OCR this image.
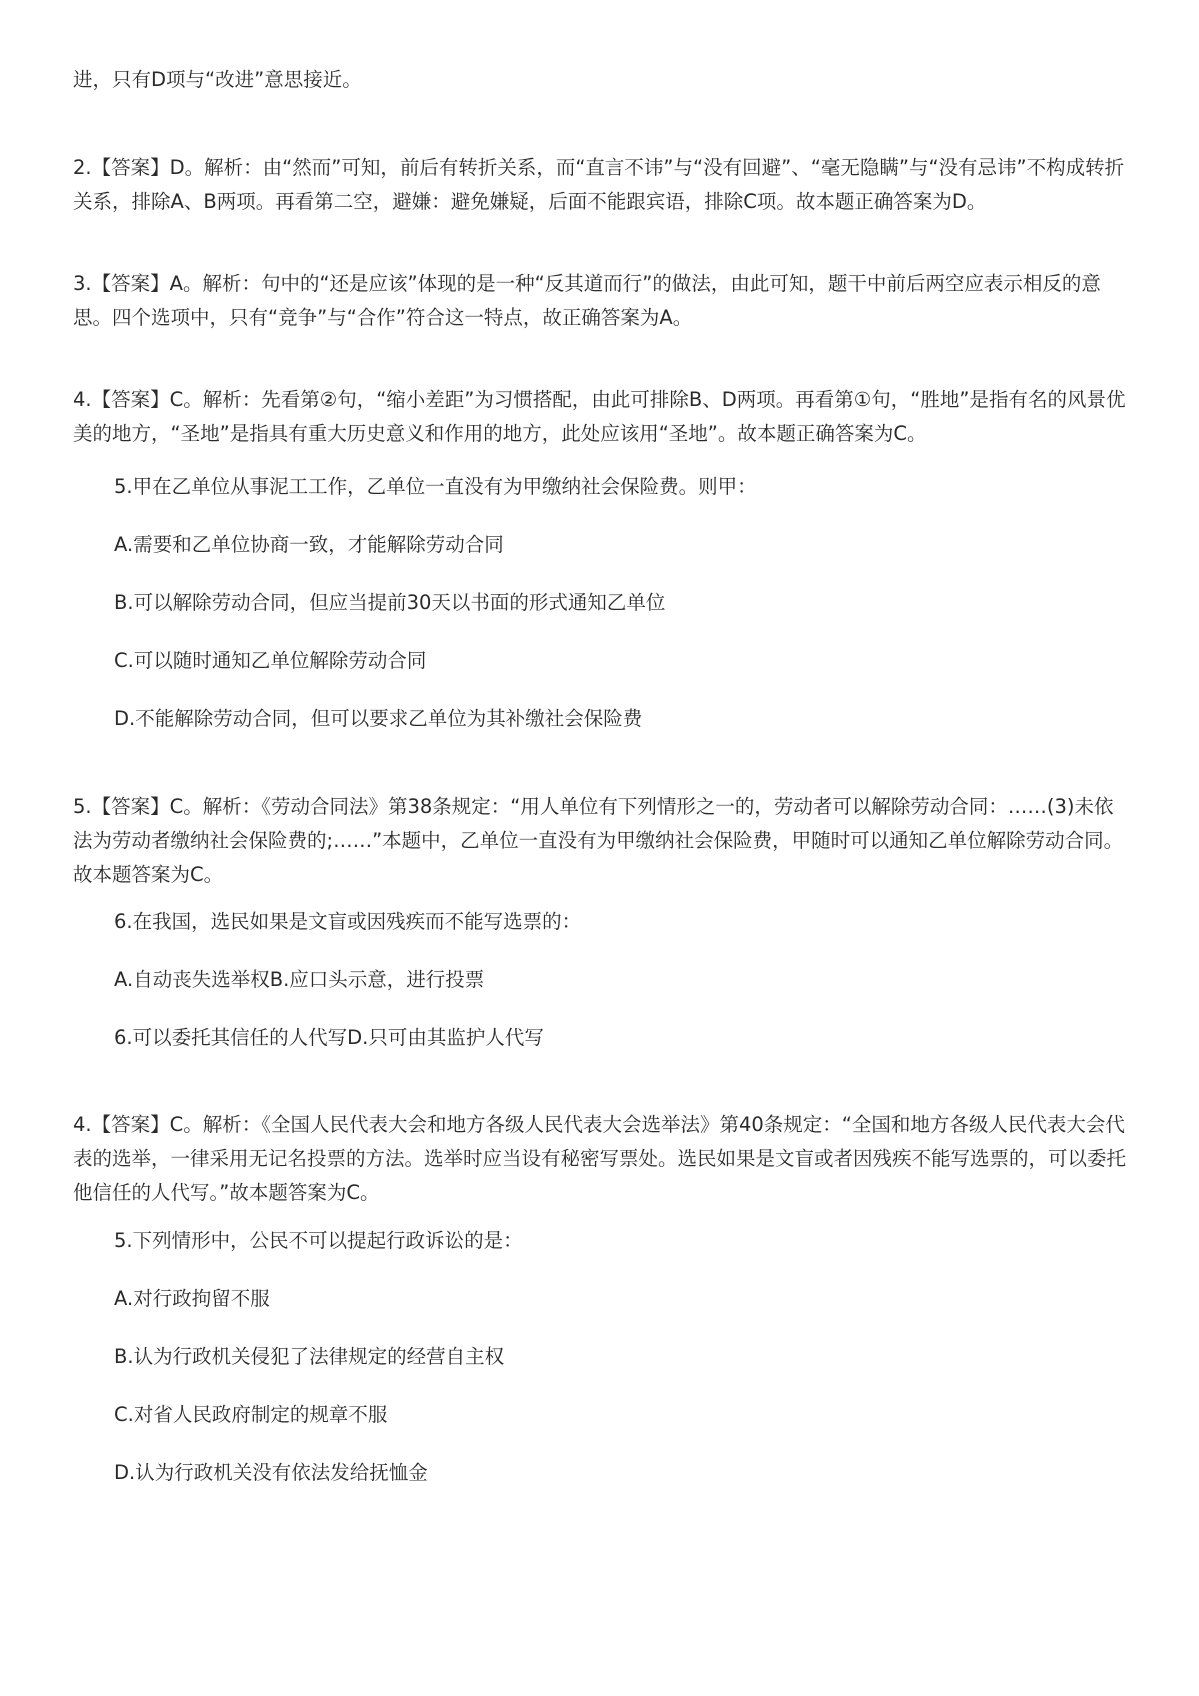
进，只有D项与“改进”意思接近。

2.【答案】D。解析：由“然而”可知，前后有转折关系，而“直言不讳”与“没有回避”、“毫无隐瞒”与“没有忌讳”不构成转折关系，排除A、B两项。再看第二空，避嫌：避免嫌疑，后面不能跟宾语，排除C项。故本题正确答案为D。

3.【答案】A。解析：句中的“还是应该”体现的是一种“反其道而行”的做法，由此可知，题干中前后两空应表示相反的意思。四个选项中，只有“竞争”与“合作”符合这一特点，故正确答案为A。

4.【答案】C。解析：先看第②句，“缩小差距”为习惯搭配，由此可排除B、D两项。再看第①句，“胜地”是指有名的风景优美的地方，“圣地”是指具有重大历史意义和作用的地方，此处应该用“圣地”。故本题正确答案为C。

5.甲在乙单位从事泥工工作，乙单位一直没有为甲缴纳社会保险费。则甲：

A.需要和乙单位协商一致，才能解除劳动合同

B.可以解除劳动合同，但应当提前30天以书面的形式通知乙单位

C.可以随时通知乙单位解除劳动合同

D.不能解除劳动合同，但可以要求乙单位为其补缴社会保险费

5.【答案】C。解析：《劳动合同法》第38条规定：“用人单位有下列情形之一的，劳动者可以解除劳动合同：……(3)未依法为劳动者缴纳社会保险费的;……”本题中，乙单位一直没有为甲缴纳社会保险费，甲随时可以通知乙单位解除劳动合同。故本题答案为C。

6.在我国，选民如果是文盲或因残疾而不能写选票的：

A.自动丧失选举权B.应口头示意，进行投票

6.可以委托其信任的人代写D.只可由其监护人代写

4.【答案】C。解析：《全国人民代表大会和地方各级人民代表大会选举法》第40条规定：“全国和地方各级人民代表大会代表的选举，一律采用无记名投票的方法。选举时应当设有秘密写票处。选民如果是文盲或者因残疾不能写选票的，可以委托他信任的人代写。”故本题答案为C。

5.下列情形中，公民不可以提起行政诉讼的是：

A.对行政拘留不服

B.认为行政机关侵犯了法律规定的经营自主权

C.对省人民政府制定的规章不服

D.认为行政机关没有依法发给抚恤金
